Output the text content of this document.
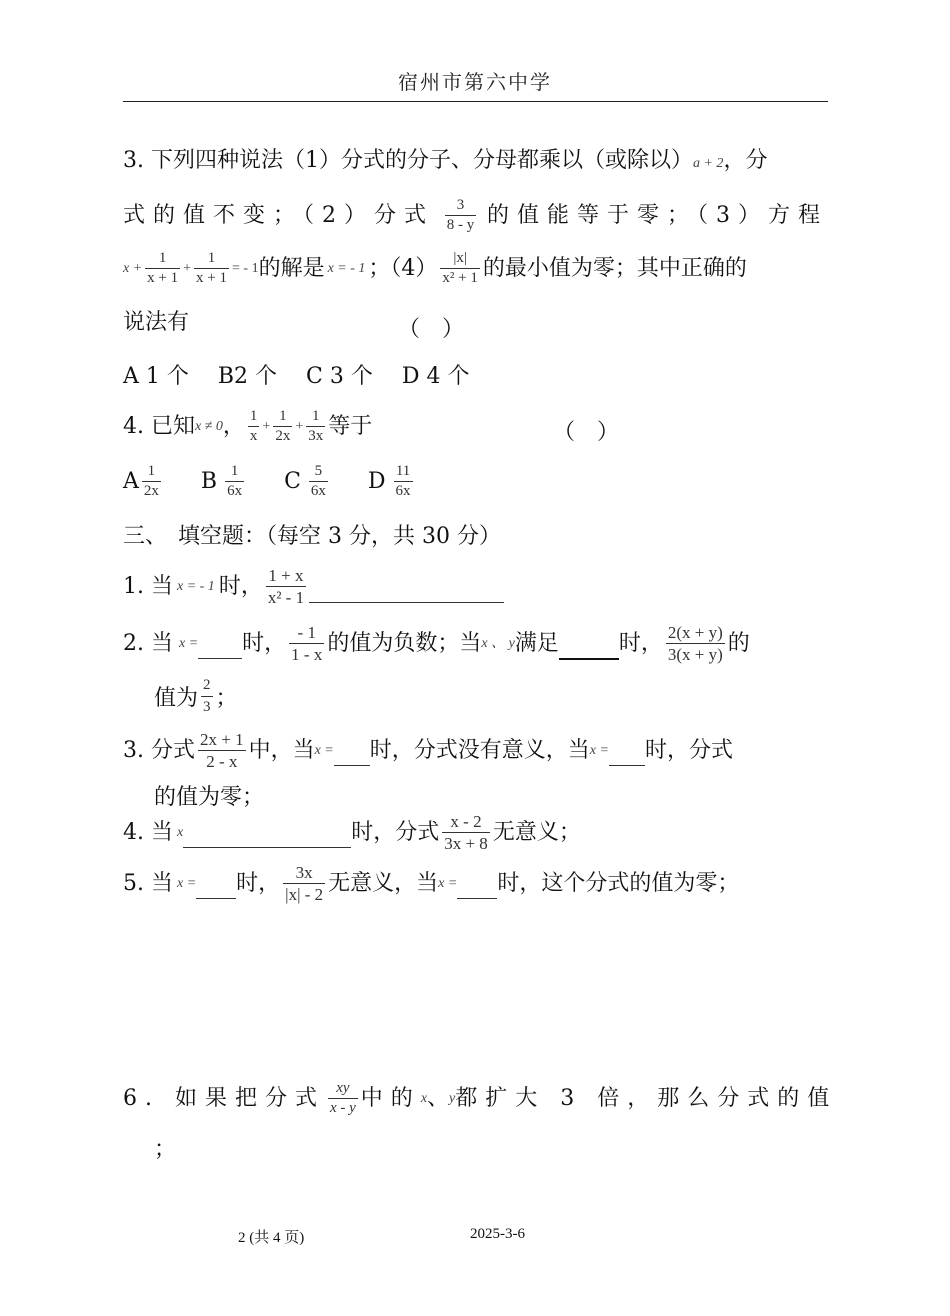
宿州市第六中学
3. 下列四种说法（1）分式的分子、分母都乘以（或除以）a + 2，分
式的值不变；（2）分式 $\frac{3}{8 - y}$ 的值能等于零；（3）方程
$x + \frac{1}{x + 1} + \frac{1}{x + 1}$ = - 1 的解是 x = - 1 ；$(4) \frac{|x|}{\text{x² + 1}}$ 的最小值为零；其中正确的
说法有	（　）
A 1 个　 B2 个　 C 3 个　 D 4 个
4. 已知 x ≠ 0 ， $\frac{1}{x} + \frac{1}{2x} + \frac{1}{3x}$ 等于	（　）
A $\frac{1}{2x}$ B $\frac{1}{6x}$ C $\frac{5}{6x}$ D $\frac{11}{6x}$
三、　填空题：（每空 3 分，共 30 分）
1. 当 x = - 1 时， $\frac{1 + x}{\text{x² - 1}}$
2. 当 x = 时， $\frac{- 1}{1 - x}$ 的值为负数；当 x 、 y 满足	时， $\frac{2(x + y)}{3(x + y)}$ 的
值为 $\frac{2}{3}$ ；
3. 分式 $\frac{2x + 1}{2 - x}$ 中，当 x = 时，分式没有意义，当 x = 时，分式
的值为零；
4. 当 x	时，分式 $\frac{x - 2}{3x + 8}$ 无意义；
5. 当 x = 时， $\frac{3x}{|x| - 2}$ 无意义，当 x = 时，这个分式的值为零；
6. 如果把分式 $\frac{xy}{x - y}$ 中的 x 、 y 都扩大 3 倍，那么分式的值
；
2 (共 4 页)	2025-3-6
